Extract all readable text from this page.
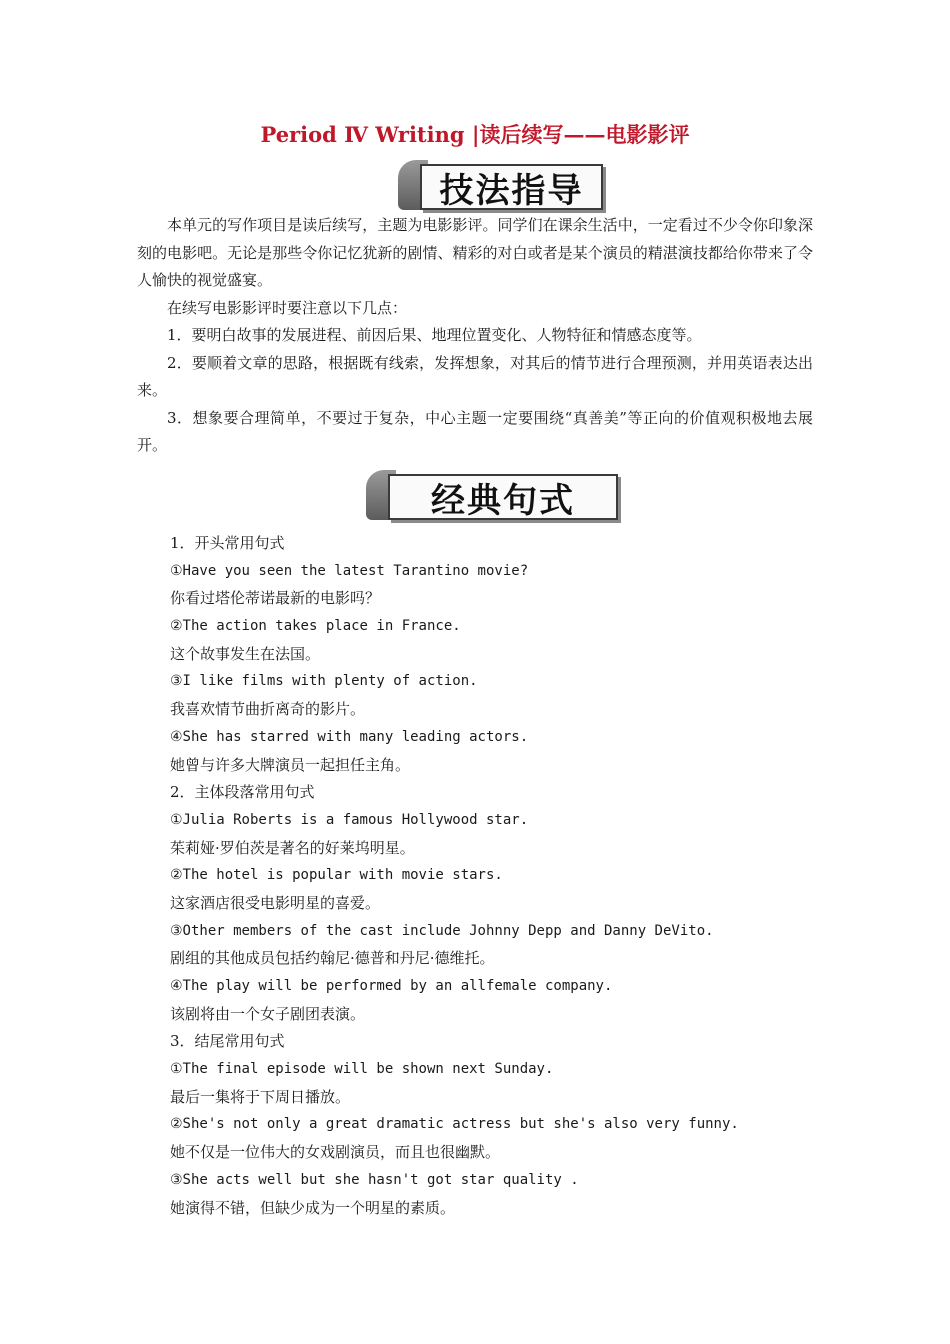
Period Ⅳ Writing |读后续写——电影影评
技法指导

本单元的写作项目是读后续写，主题为电影影评。同学们在课余生活中，一定看过不少令你印象深刻的电影吧。无论是那些令你记忆犹新的剧情、精彩的对白或者是某个演员的精湛演技都给你带来了令人愉快的视觉盛宴。

在续写电影影评时要注意以下几点：

1．要明白故事的发展进程、前因后果、地理位置变化、人物特征和情感态度等。

2．要顺着文章的思路，根据既有线索，发挥想象，对其后的情节进行合理预测，并用英语表达出来。

3．想象要合理简单，不要过于复杂，中心主题一定要围绕“真善美”等正向的价值观积极地去展开。

经典句式
1．开头常用句式
①Have you seen the latest Tarantino movie?
你看过塔伦蒂诺最新的电影吗？
②The action takes place in France.
这个故事发生在法国。
③I like films with plenty of action.
我喜欢情节曲折离奇的影片。
④She has starred with many leading actors.
她曾与许多大牌演员一起担任主角。
2．主体段落常用句式
①Julia Roberts is a famous Hollywood star.
茱莉娅·罗伯茨是著名的好莱坞明星。
②The hotel is popular with movie stars.
这家酒店很受电影明星的喜爱。
③Other members of the cast include Johnny Depp and Danny DeVito.
剧组的其他成员包括约翰尼·德普和丹尼·德维托。
④The play will be performed by an allfemale company.
该剧将由一个女子剧团表演。
3．结尾常用句式
①The final episode will be shown next Sunday.
最后一集将于下周日播放。
②She's not only a great dramatic actress but she's also very funny.
她不仅是一位伟大的女戏剧演员，而且也很幽默。
③She acts well but she hasn't got star quality .
她演得不错，但缺少成为一个明星的素质。
